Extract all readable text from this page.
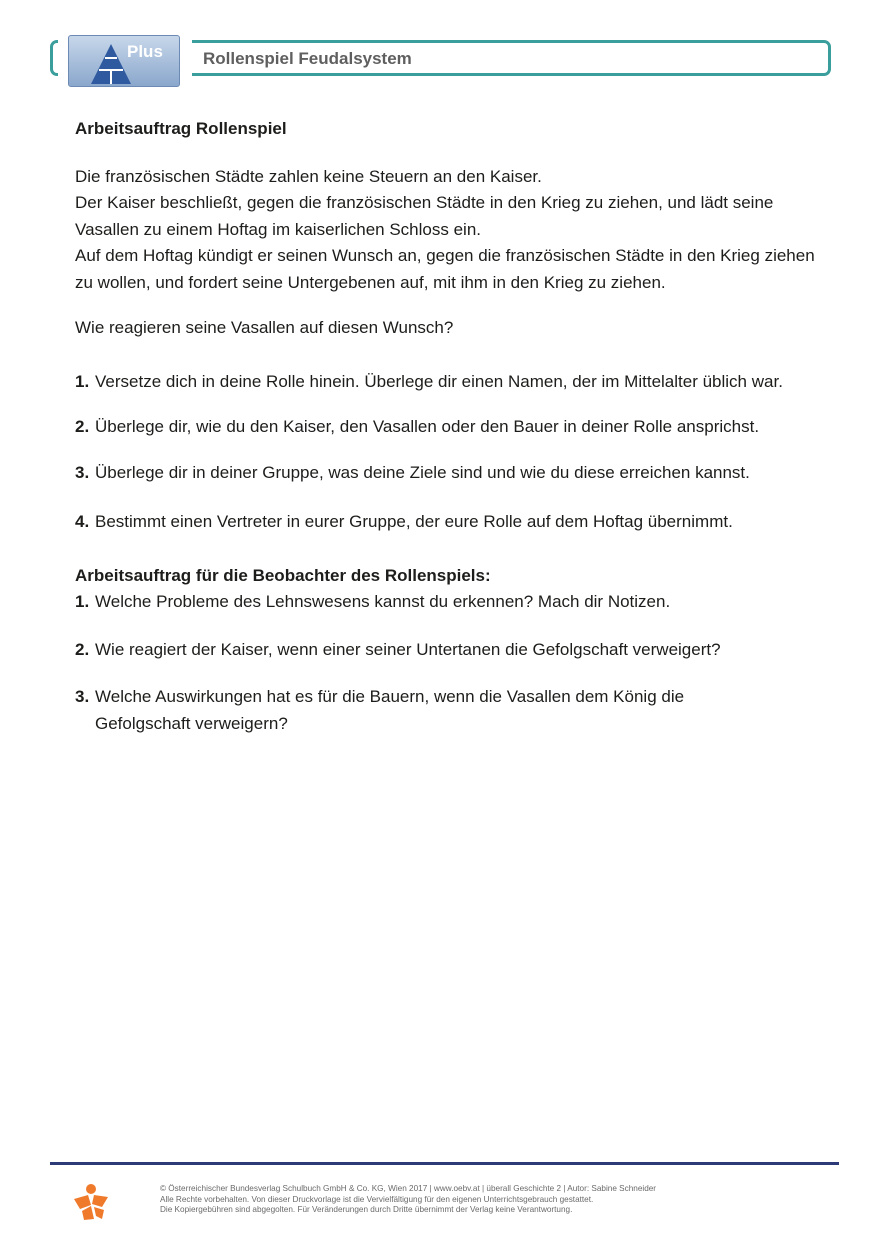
Plus Rollenspiel Feudalsystem

Arbeitsauftrag Rollenspiel

Die französischen Städte zahlen keine Steuern an den Kaiser.

Der Kaiser beschließt, gegen die französischen Städte in den Krieg zu ziehen, und lädt seine Vasallen zu einem Hoftag im kaiserlichen Schloss ein.

Auf dem Hoftag kündigt er seinen Wunsch an, gegen die französischen Städte in den Krieg ziehen zu wollen, und fordert seine Untergebenen auf, mit ihm in den Krieg zu ziehen.

Wie reagieren seine Vasallen auf diesen Wunsch?

1. Versetze dich in deine Rolle hinein. Überlege dir einen Namen, der im Mittelalter üblich war.
2. Überlege dir, wie du den Kaiser, den Vasallen oder den Bauer in deiner Rolle ansprichst.
3. Überlege dir in deiner Gruppe, was deine Ziele sind und wie du diese erreichen kannst.
4. Bestimmt einen Vertreter in eurer Gruppe, der eure Rolle auf dem Hoftag übernimmt.

Arbeitsauftrag für die Beobachter des Rollenspiels:

1. Welche Probleme des Lehnswesens kannst du erkennen? Mach dir Notizen.
2. Wie reagiert der Kaiser, wenn einer seiner Untertanen die Gefolgschaft verweigert?
3. Welche Auswirkungen hat es für die Bauern, wenn die Vasallen dem König die Gefolgschaft verweigern?
© Österreichischer Bundesverlag Schulbuch GmbH & Co. KG, Wien 2017 | www.oebv.at | überall Geschichte 2 | Autor: Sabine Schneider
Alle Rechte vorbehalten. Von dieser Druckvorlage ist die Vervielfältigung für den eigenen Unterrichtsgebrauch gestattet.
Die Kopiergebühren sind abgegolten. Für Veränderungen durch Dritte übernimmt der Verlag keine Verantwortung.
